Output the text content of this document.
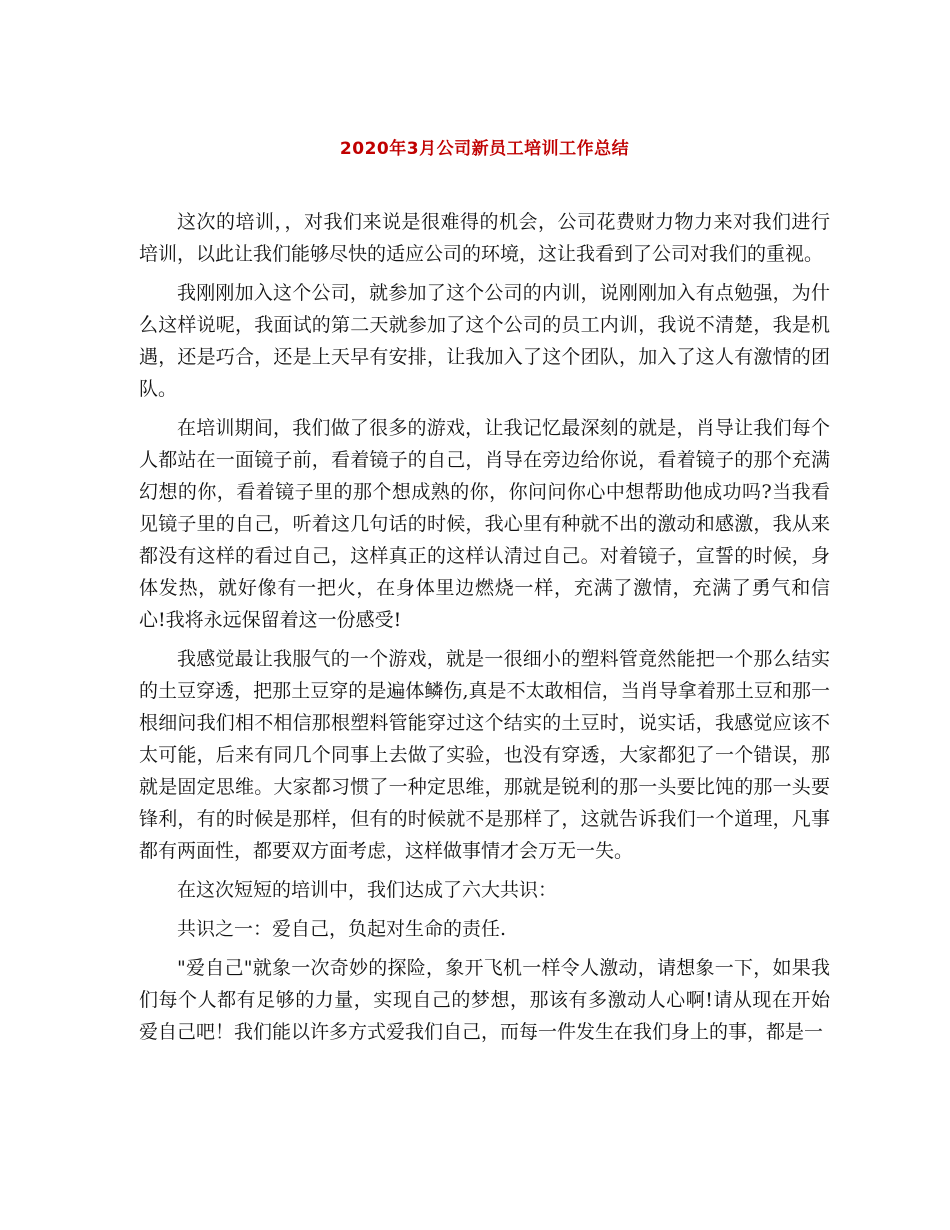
2020年3月公司新员工培训工作总结

这次的培训，，对我们来说是很难得的机会，公司花费财力物力来对我们进行培训，以此让我们能够尽快的适应公司的环境，这让我看到了公司对我们的重视。

我刚刚加入这个公司，就参加了这个公司的内训，说刚刚加入有点勉强，为什么这样说呢，我面试的第二天就参加了这个公司的员工内训，我说不清楚，我是机遇，还是巧合，还是上天早有安排，让我加入了这个团队，加入了这人有激情的团队。

在培训期间，我们做了很多的游戏，让我记忆最深刻的就是，肖导让我们每个人都站在一面镜子前，看着镜子的自己，肖导在旁边给你说，看着镜子的那个充满幻想的你，看着镜子里的那个想成熟的你，你问问你心中想帮助他成功吗?当我看见镜子里的自己，听着这几句话的时候，我心里有种就不出的激动和感激，我从来都没有这样的看过自己，这样真正的这样认清过自己。对着镜子，宣誓的时候，身体发热，就好像有一把火，在身体里边燃烧一样，充满了激情，充满了勇气和信心!我将永远保留着这一份感受!

我感觉最让我服气的一个游戏，就是一很细小的塑料管竟然能把一个那么结实的土豆穿透，把那土豆穿的是遍体鳞伤,真是不太敢相信，当肖导拿着那土豆和那一根细问我们相不相信那根塑料管能穿过这个结实的土豆时，说实话，我感觉应该不太可能，后来有同几个同事上去做了实验，也没有穿透，大家都犯了一个错误，那就是固定思维。大家都习惯了一种定思维，那就是锐利的那一头要比饨的那一头要锋利，有的时候是那样，但有的时候就不是那样了，这就告诉我们一个道理，凡事都有两面性，都要双方面考虑，这样做事情才会万无一失。

在这次短短的培训中，我们达成了六大共识：

共识之一：爱自己，负起对生命的责任.

"爱自己"就象一次奇妙的探险，象开飞机一样令人激动，请想象一下，如果我们每个人都有足够的力量，实现自己的梦想，那该有多激动人心啊!请从现在开始爱自己吧！我们能以许多方式爱我们自己，而每一件发生在我们身上的事，都是一
